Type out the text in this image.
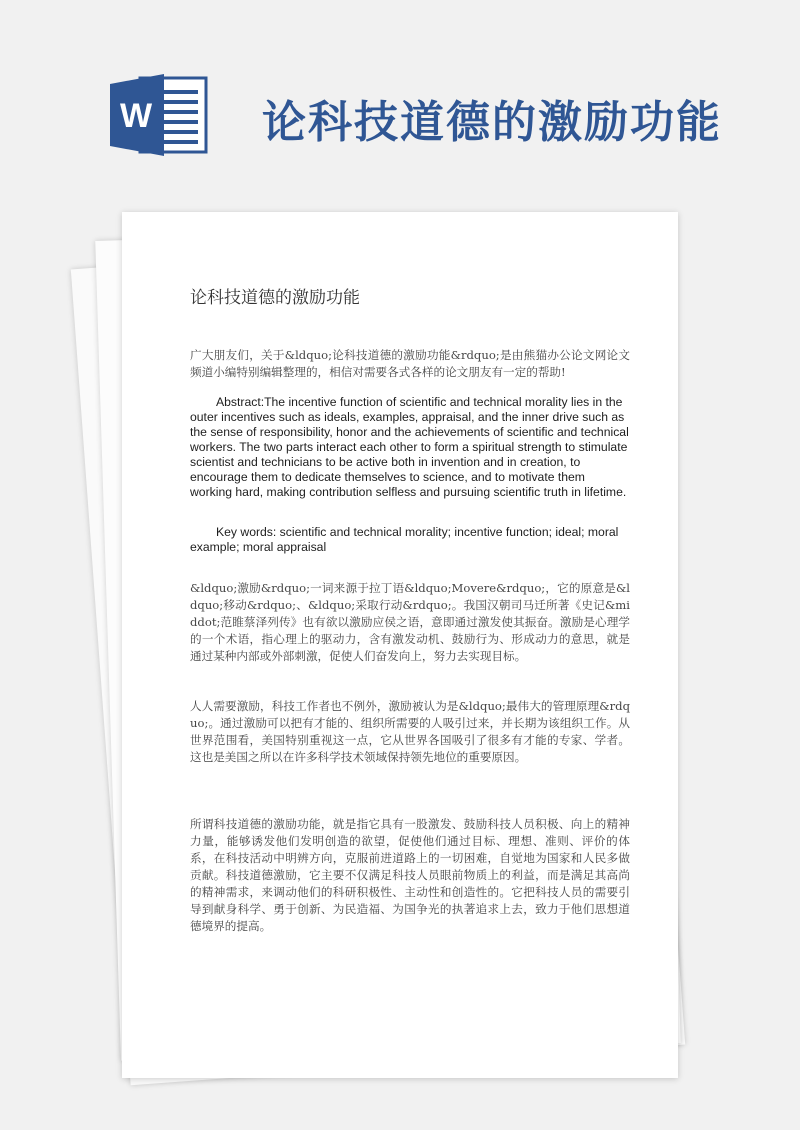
W 论科技道德的激励功能
论科技道德的激励功能

广大朋友们，关于&ldquo;论科技道德的激励功能&rdquo;是由熊猫办公论文网论文频道小编特别编辑整理的，相信对需要各式各样的论文朋友有一定的帮助!

Abstract:The incentive function of scientific and technical morality lies in the outer incentives such as ideals, examples, appraisal, and the inner drive such as the sense of responsibility, honor and the achievements of scientific and technical workers. The two parts interact each other to form a spiritual strength to stimulate scientist and technicians to be active both in invention and in creation, to encourage them to dedicate themselves to science, and to motivate them working hard, making contribution selfless and pursuing scientific truth in lifetime.

Key words: scientific and technical morality; incentive function; ideal; moral example; moral appraisal

&ldquo;激励&rdquo;一词来源于拉丁语&ldquo;Movere&rdquo;，它的原意是&ldquo;移动&rdquo;、&ldquo;采取行动&rdquo;。我国汉朝司马迁所著《史记&middot;范睢蔡泽列传》也有欲以激励应侯之语，意即通过激发使其振奋。激励是心理学的一个术语，指心理上的驱动力，含有激发动机、鼓励行为、形成动力的意思，就是通过某种内部或外部刺激，促使人们奋发向上，努力去实现目标。

人人需要激励，科技工作者也不例外，激励被认为是&ldquo;最伟大的管理原理&rdquo;。通过激励可以把有才能的、组织所需要的人吸引过来，并长期为该组织工作。从世界范围看，美国特别重视这一点，它从世界各国吸引了很多有才能的专家、学者。这也是美国之所以在许多科学技术领域保持领先地位的重要原因。

所谓科技道德的激励功能，就是指它具有一股激发、鼓励科技人员积极、向上的精神力量，能够诱发他们发明创造的欲望，促使他们通过目标、理想、准则、评价的体系，在科技活动中明辨方向，克服前进道路上的一切困难，自觉地为国家和人民多做贡献。科技道德激励，它主要不仅满足科技人员眼前物质上的利益，而是满足其高尚的精神需求，来调动他们的科研积极性、主动性和创造性的。它把科技人员的需要引导到献身科学、勇于创新、为民造福、为国争光的执著追求上去，致力于他们思想道德境界的提高。
